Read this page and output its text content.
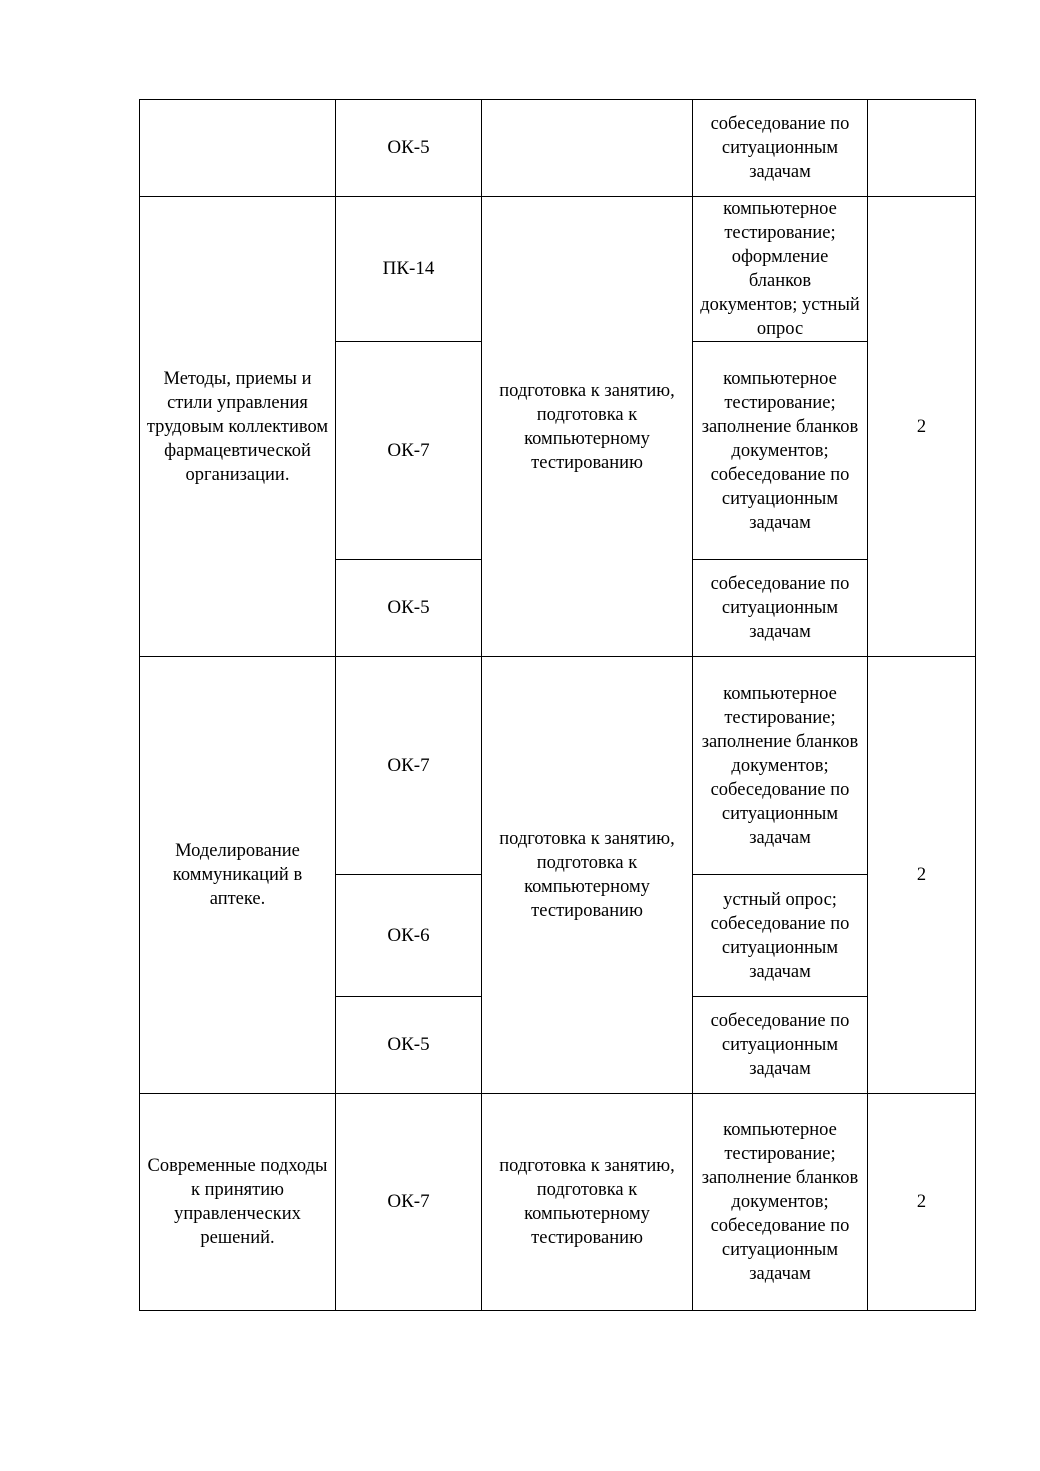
	ОК-5		собеседование по ситуационным задачам	
Методы, приемы и стили управления трудовым коллективом фармацевтической организации.	ПК-14	подготовка к занятию, подготовка к компьютерному тестированию	компьютерное тестирование; оформление бланков документов; устный опрос	2
	ОК-7		компьютерное тестирование; заполнение бланков документов; собеседование по ситуационным задачам	
	ОК-5		собеседование по ситуационным задачам	
Моделирование коммуникаций в аптеке.	ОК-7	подготовка к занятию, подготовка к компьютерному тестированию	компьютерное тестирование; заполнение бланков документов; собеседование по ситуационным задачам	2
	ОК-6		устный опрос; собеседование по ситуационным задачам	
	ОК-5		собеседование по ситуационным задачам	
Современные подходы к принятию управленческих решений.	ОК-7	подготовка к занятию, подготовка к компьютерному тестированию	компьютерное тестирование; заполнение бланков документов; собеседование по ситуационным задачам	2
